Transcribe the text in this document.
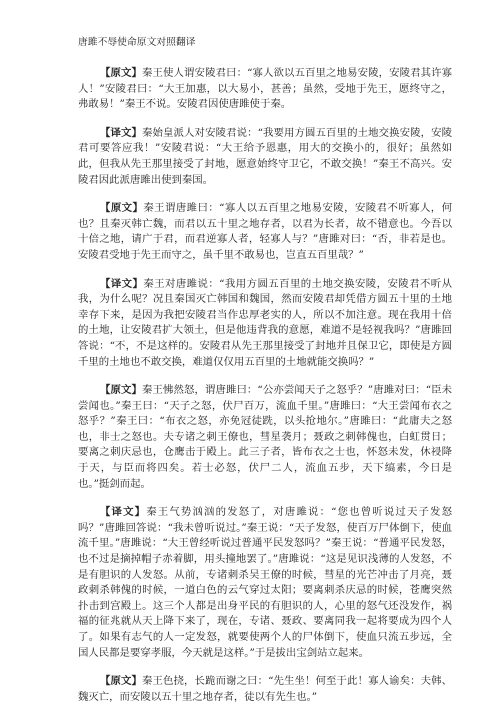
唐雎不辱使命原文对照翻译

【原文】秦王使人谓安陵君曰：“寡人欲以五百里之地易安陵，安陵君其许寡人！”安陵君曰：“大王加惠，以大易小，甚善；虽然，受地于先王，愿终守之，弗敢易！”秦王不说。安陵君因使唐雎使于秦。

【译文】秦始皇派人对安陵君说：“我要用方圆五百里的土地交换安陵，安陵君可要答应我！”安陵君说：“大王给予恩惠，用大的交换小的，很好；虽然如此，但我从先王那里接受了封地，愿意始终守卫它，不敢交换！”秦王不高兴。安陵君因此派唐雎出使到秦国。

【原文】秦王谓唐雎曰：“寡人以五百里之地易安陵，安陵君不听寡人，何也？且秦灭韩亡魏，而君以五十里之地存者，以君为长者，故不错意也。今吾以十倍之地，请广于君，而君逆寡人者，轻寡人与？”唐雎对曰：“否，非若是也。安陵君受地于先王而守之，虽千里不敢易也，岂直五百里哉？”

【译文】秦王对唐雎说：“我用方圆五百里的土地交换安陵，安陵君不听从我，为什么呢？况且秦国灭亡韩国和魏国，然而安陵君却凭借方圆五十里的土地幸存下来，是因为我把安陵君当作忠厚老实的人，所以不加注意。现在我用十倍的土地，让安陵君扩大领土，但是他违背我的意愿，难道不是轻视我吗？”唐雎回答说：“不，不是这样的。安陵君从先王那里接受了封地并且保卫它，即使是方圆千里的土地也不敢交换，难道仅仅用五百里的土地就能交换吗？”

【原文】秦王怫然怒，谓唐雎曰：“公亦尝闻天子之怒乎？”唐雎对曰：“臣未尝闻也。”秦王曰：“天子之怒，伏尸百万，流血千里。”唐雎曰：“大王尝闻布衣之怒乎？”秦王曰：“布衣之怒，亦免冠徒跣，以头抢地尔。”唐雎曰：“此庸夫之怒也，非士之怒也。夫专诸之刺王僚也，彗星袭月；聂政之刺韩傀也，白虹贯日；要离之刺庆忌也，仓鹰击于殿上。此三子者，皆布衣之士也，怀怒未发，休祲降于天，与臣而将四矣。若士必怒，伏尸二人，流血五步，天下缟素，今日是也。”挺剑而起。

【译文】秦王气势汹汹的发怒了，对唐雎说：“您也曾听说过天子发怒吗？”唐雎回答说：“我未曾听说过。”秦王说：“天子发怒，使百万尸体倒下，使血流千里。”唐雎说：“大王曾经听说过普通平民发怒吗？”秦王说：“普通平民发怒，也不过是摘掉帽子赤着脚，用头撞地罢了。”唐雎说：“这是见识浅薄的人发怒，不是有胆识的人发怒。从前，专诸刺杀吴王僚的时候，彗星的光芒冲击了月亮，聂政刺杀韩傀的时候，一道白色的云气穿过太阳；要离刺杀庆忌的时候，苍鹰突然扑击到宫殿上。这三个人都是出身平民的有胆识的人，心里的怒气还没发作，祸福的征兆就从天上降下来了，现在，专诸、聂政、要离同我一起将要成为四个人了。如果有志气的人一定发怒，就要使两个人的尸体倒下，使血只流五步远，全国人民都是要穿孝服，今天就是这样。”于是拔出宝剑站立起来。

【原文】秦王色挠，长跪而谢之曰：“先生坐！何至于此！寡人谕矣：夫韩、魏灭亡，而安陵以五十里之地存者，徒以有先生也。”
